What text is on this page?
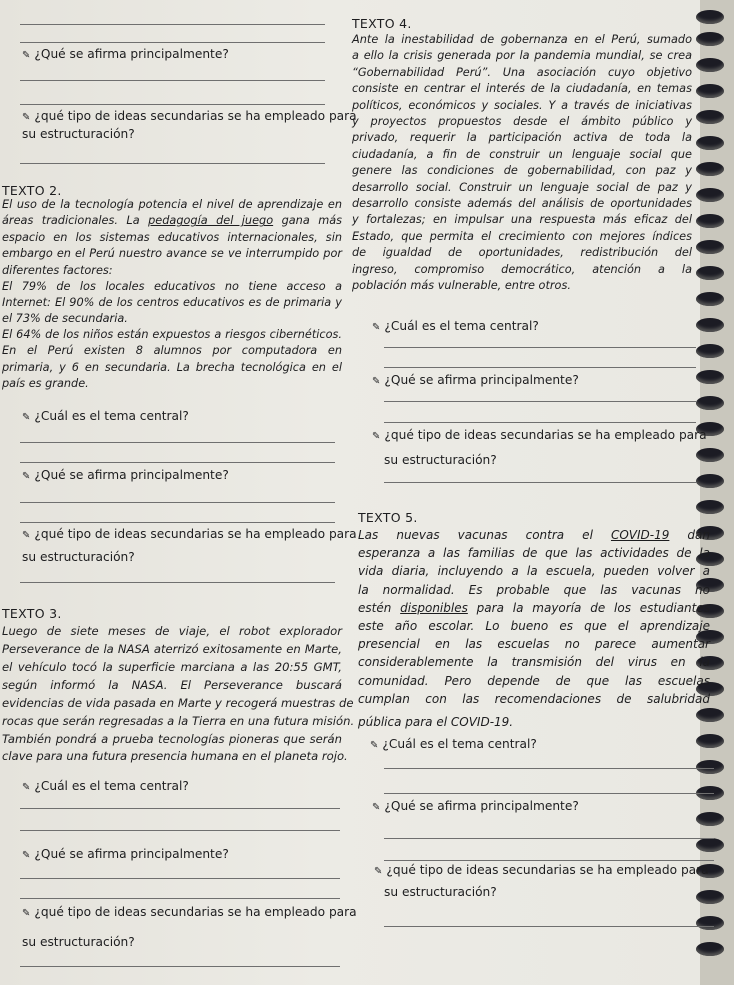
✎ ¿Qué se afirma principalmente?
✎ ¿qué tipo de ideas secundarias se ha empleado para
su estructuración?
TEXTO 4.
Ante la inestabilidad de gobernanza en el Perú, sumado
a ello la crisis generada por la pandemia mundial, se crea
“Gobernabilidad Perú”. Una asociación cuyo objetivo
consiste en centrar el interés de la ciudadanía, en temas
políticos, económicos y sociales. Y a través de iniciativas
y proyectos propuestos desde el ámbito público y
privado, requerir la participación activa de toda la
ciudadanía, a fin de construir un lenguaje social que
genere las condiciones de gobernabilidad, con paz y
desarrollo social. Construir un lenguaje social de paz y
desarrollo consiste además del análisis de oportunidades
y fortalezas; en impulsar una respuesta más eficaz del
Estado, que permita el crecimiento con mejores índices
de igualdad de oportunidades, redistribución del
ingreso, compromiso democrático, atención a la
población más vulnerable, entre otros.
TEXTO 2.
El uso de la tecnología potencia el nivel de aprendizaje en
áreas tradicionales. La pedagogía del juego gana más
espacio en los sistemas educativos internacionales, sin
embargo en el Perú nuestro avance se ve interrumpido por
diferentes factores:
El 79% de los locales educativos no tiene acceso a
Internet: El 90% de los centros educativos es de primaria y
el 73% de secundaria.
El 64% de los niños están expuestos a riesgos cibernéticos.
En el Perú existen 8 alumnos por computadora en
primaria, y 6 en secundaria. La brecha tecnológica en el
país es grande.
✎ ¿Cuál es el tema central?
✎ ¿Qué se afirma principalmente?
✎ ¿qué tipo de ideas secundarias se ha empleado para
su estructuración?
✎ ¿Cuál es el tema central?
✎ ¿Qué se afirma principalmente?
✎ ¿qué tipo de ideas secundarias se ha empleado para
su estructuración?
TEXTO 5.
Las nuevas vacunas contra el COVID-19 dan
esperanza a las familias de que las actividades de la
vida diaria, incluyendo a la escuela, pueden volver a
la normalidad. Es probable que las vacunas no
estén disponibles para la mayoría de los estudiantes
este año escolar. Lo bueno es que el aprendizaje
presencial en las escuelas no parece aumentar
considerablemente la transmisión del virus en la
comunidad. Pero depende de que las escuelas
cumplan con las recomendaciones de salubridad
pública para el COVID-19.
TEXTO 3.
Luego de siete meses de viaje, el robot explorador
Perseverance de la NASA aterrizó exitosamente en Marte,
el vehículo tocó la superficie marciana a las 20:55 GMT,
según informó la NASA. El Perseverance buscará
evidencias de vida pasada en Marte y recogerá muestras de
rocas que serán regresadas a la Tierra en una futura misión.
También pondrá a prueba tecnologías pioneras que serán
clave para una futura presencia humana en el planeta rojo.
✎ ¿Cuál es el tema central?
✎ ¿Qué se afirma principalmente?
✎ ¿qué tipo de ideas secundarias se ha empleado para
su estructuración?
✎ ¿Cuál es el tema central?
✎ ¿Qué se afirma principalmente?
✎ ¿qué tipo de ideas secundarias se ha empleado para
su estructuración?
